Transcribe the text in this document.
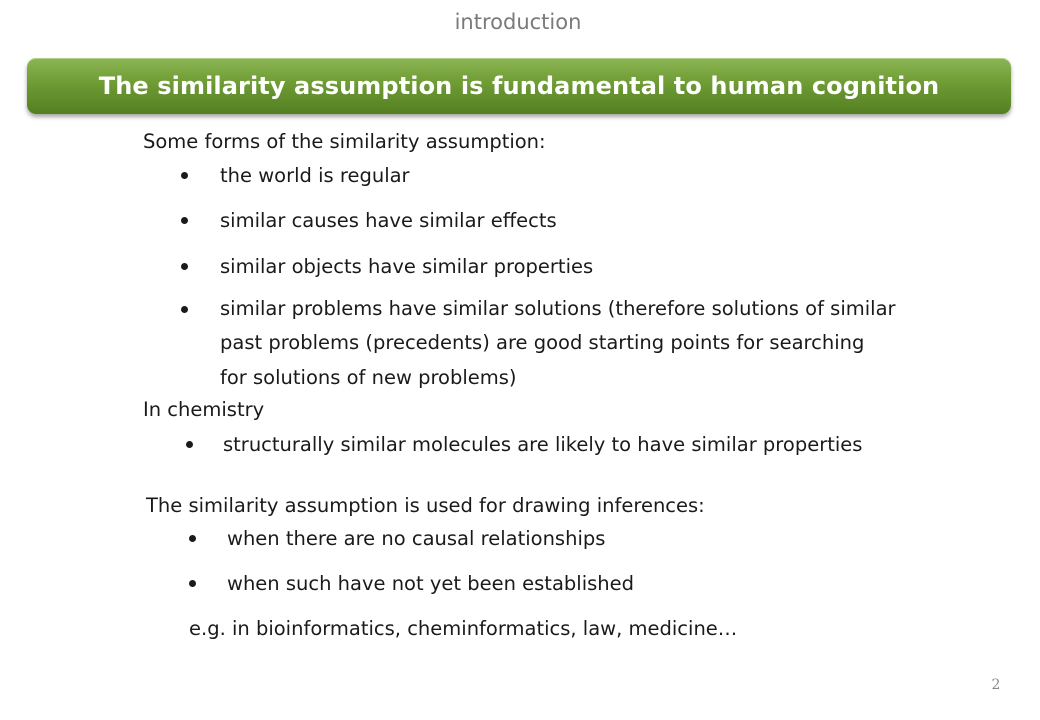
introduction
The similarity assumption is fundamental to human cognition
Some forms of the similarity assumption:
the world is regular
similar causes have similar effects
similar objects have similar properties
similar problems have similar solutions (therefore solutions of similar
past problems (precedents) are good starting points for searching
for solutions of new problems)
In chemistry
structurally similar molecules are likely to have similar properties
The similarity assumption is used for drawing inferences:
when there are no causal relationships
when such have not yet been established
e.g. in bioinformatics, cheminformatics, law, medicine…
2
